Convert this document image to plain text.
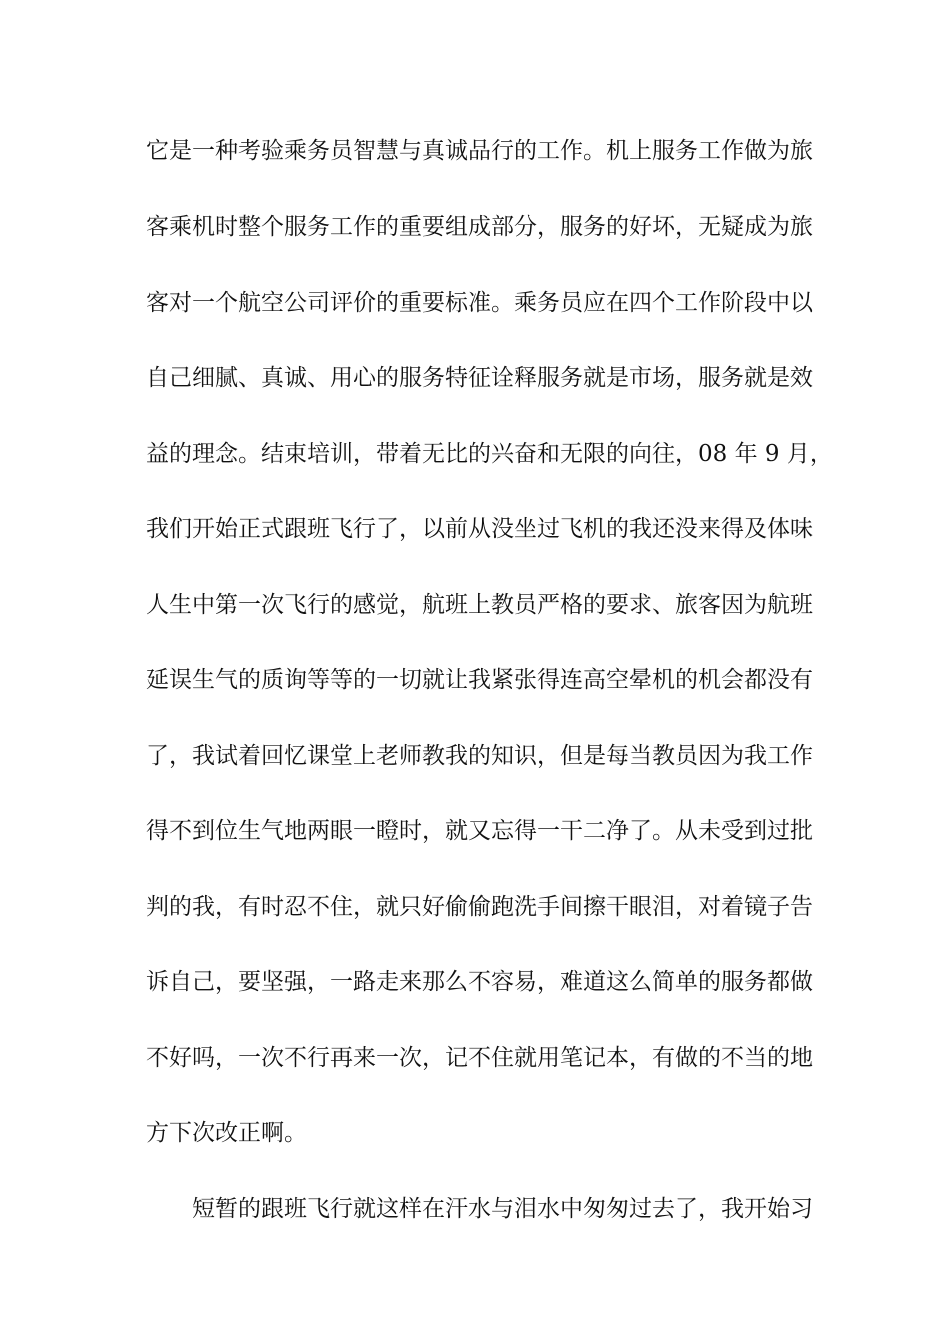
它是一种考验乘务员智慧与真诚品行的工作。机上服务工作做为旅
客乘机时整个服务工作的重要组成部分，服务的好坏，无疑成为旅
客对一个航空公司评价的重要标准。乘务员应在四个工作阶段中以
自己细腻、真诚、用心的服务特征诠释服务就是市场，服务就是效
益的理念。结束培训，带着无比的兴奋和无限的向往，08 年 9 月，
我们开始正式跟班飞行了，以前从没坐过飞机的我还没来得及体味
人生中第一次飞行的感觉，航班上教员严格的要求、旅客因为航班
延误生气的质询等等的一切就让我紧张得连高空晕机的机会都没有
了，我试着回忆课堂上老师教我的知识，但是每当教员因为我工作
得不到位生气地两眼一瞪时，就又忘得一干二净了。从未受到过批
判的我，有时忍不住，就只好偷偷跑洗手间擦干眼泪，对着镜子告
诉自己，要坚强，一路走来那么不容易，难道这么简单的服务都做
不好吗，一次不行再来一次，记不住就用笔记本，有做的不当的地
方下次改正啊。
短暂的跟班飞行就这样在汗水与泪水中匆匆过去了，我开始习
